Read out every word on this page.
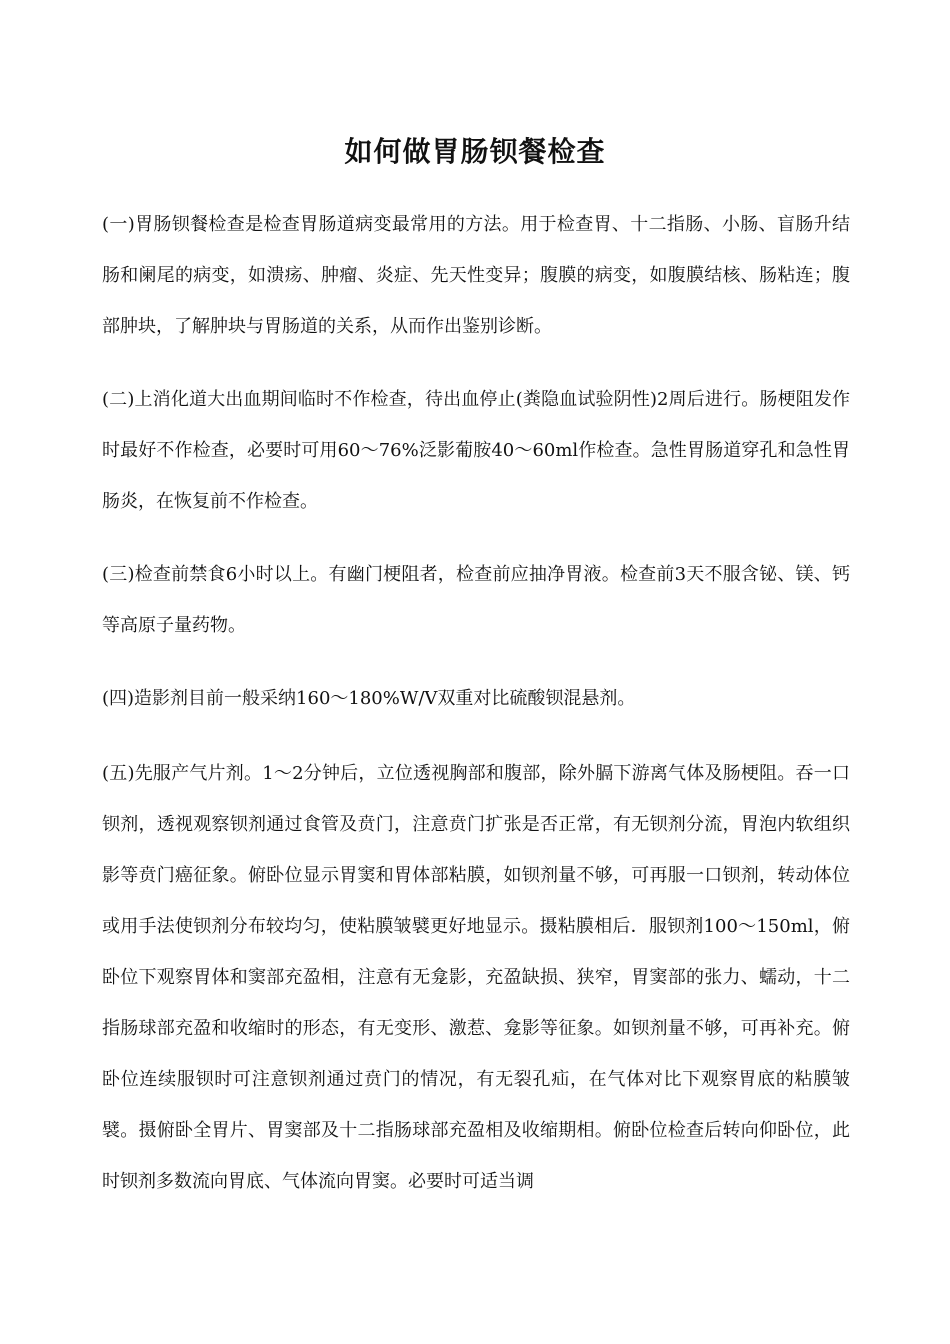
如何做胃肠钡餐检查

(一)胃肠钡餐检查是检查胃肠道病变最常用的方法。用于检查胃、十二指肠、小肠、盲肠升结肠和阑尾的病变，如溃疡、肿瘤、炎症、先天性变异；腹膜的病变，如腹膜结核、肠粘连；腹部肿块，了解肿块与胃肠道的关系，从而作出鉴别诊断。

(二)上消化道大出血期间临时不作检查，待出血停止(粪隐血试验阴性)2周后进行。肠梗阻发作时最好不作检查，必要时可用60～76%泛影葡胺40～60ml作检查。急性胃肠道穿孔和急性胃肠炎，在恢复前不作检查。

(三)检查前禁食6小时以上。有幽门梗阻者，检查前应抽净胃液。检查前3天不服含铋、镁、钙等高原子量药物。

(四)造影剂目前一般采纳160～180%W/V双重对比硫酸钡混悬剂。

(五)先服产气片剂。1～2分钟后，立位透视胸部和腹部，除外膈下游离气体及肠梗阻。吞一口钡剂，透视观察钡剂通过食管及贲门，注意贲门扩张是否正常，有无钡剂分流，胃泡内软组织影等贲门癌征象。俯卧位显示胃窦和胃体部粘膜，如钡剂量不够，可再服一口钡剂，转动体位或用手法使钡剂分布较均匀，使粘膜皱襞更好地显示。摄粘膜相后．服钡剂100～150ml，俯卧位下观察胃体和窦部充盈相，注意有无龛影，充盈缺损、狭窄，胃窦部的张力、蠕动，十二指肠球部充盈和收缩时的形态，有无变形、激惹、龛影等征象。如钡剂量不够，可再补充。俯卧位连续服钡时可注意钡剂通过贲门的情况，有无裂孔疝，在气体对比下观察胃底的粘膜皱襞。摄俯卧全胃片、胃窦部及十二指肠球部充盈相及收缩期相。俯卧位检查后转向仰卧位，此时钡剂多数流向胃底、气体流向胃窦。必要时可适当调
